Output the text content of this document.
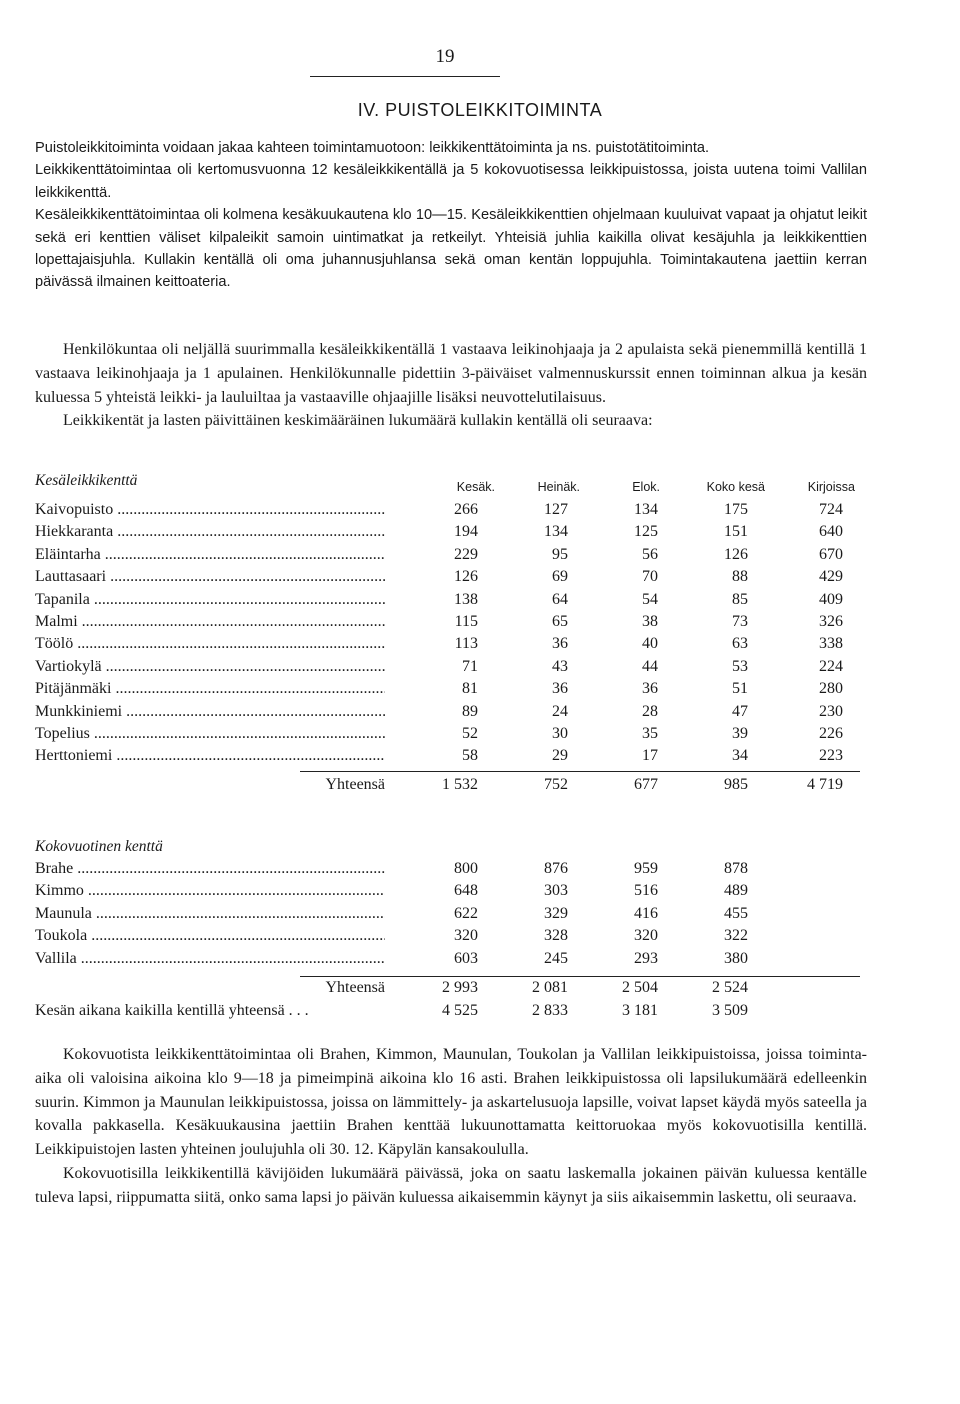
19
IV. PUISTOLEIKKITOIMINTA

Puistoleikkitoiminta voidaan jakaa kahteen toimintamuotoon: leikkikenttätoiminta ja ns. puistotätitoiminta.

Leikkikenttätoimintaa oli kertomusvuonna 12 kesäleikkikentällä ja 5 kokovuotisessa leikkipuistossa, joista uutena toimi Vallilan leikkikenttä.

Kesäleikkikenttätoimintaa oli kolmena kesäkuukautena klo 10—15. Kesäleikkikenttien ohjelmaan kuuluivat vapaat ja ohjatut leikit sekä eri kenttien väliset kilpaleikit samoin uintimatkat ja retkeilyt. Yhteisiä juhlia kaikilla olivat kesäjuhla ja leikkikenttien lopettajaisjuhla. Kullakin kentällä oli oma juhannusjuhlansa sekä oman kentän loppujuhla. Toimintakautena jaettiin kerran päivässä ilmainen keittoateria.

Henkilökuntaa oli neljällä suurimmalla kesäleikkikentällä 1 vastaava leikinohjaaja ja 2 apulaista sekä pienemmillä kentillä 1 vastaava leikinohjaaja ja 1 apulainen. Henkilökunnalle pidettiin 3-päiväiset valmennuskurssit ennen toiminnan alkua ja kesän kuluessa 5 yhteistä leikki- ja lauluiltaa ja vastaaville ohjaajille lisäksi neuvottelutilaisuus.

Leikkikentät ja lasten päivittäinen keskimääräinen lukumäärä kullakin kentällä oli seuraava:

Kesäleikkikenttä	Kesäk.	Heinäk.	Elok.	Koko kesä	Kirjoissa
Kaivopuisto .....	266	127	134	175	724
Hiekkaranta .....	194	134	125	151	640
Eläintarha .....	229	95	56	126	670
Lauttasaari .....	126	69	70	88	429
Tapanila .....	138	64	54	85	409
Malmi .....	115	65	38	73	326
Töölö .....	113	36	40	63	338
Vartiokylä .....	71	43	44	53	224
Pitäjänmäki .....	81	36	36	51	280
Munkkiniemi .....	89	24	28	47	230
Topelius .....	52	30	35	39	226
Herttoniemi .....	58	29	17	34	223
Yhteensä	1 532	752	677	985	4 719
Kokovuotinen kenttä
Brahe .....	800	876	959	878
Kimmo .....	648	303	516	489
Maunula .....	622	329	416	455
Toukola .....	320	328	320	322
Vallila .....	603	245	293	380
Yhteensä	2 993	2 081	2 504	2 524
Kesän aikana kaikilla kentillä yhteensä . . .	4 525	2 833	3 181	3 509

Kokovuotista leikkikenttätoimintaa oli Brahen, Kimmon, Maunulan, Toukolan ja Vallilan leikkipuistoissa, joissa toiminta-aika oli valoisina aikoina klo 9—18 ja pimeimpinä aikoina klo 16 asti. Brahen leikkipuistossa oli lapsilukumäärä edelleenkin suurin. Kimmon ja Maunulan leikkipuistossa, joissa on lämmittely- ja askartelusuoja lapsille, voivat lapset käydä myös sateella ja kovalla pakkasella. Kesäkuukausina jaettiin Brahen kenttää lukuunottamatta keittoruokaa myös kokovuotisilla kentillä. Leikkipuistojen lasten yhteinen joulujuhla oli 30. 12. Käpylän kansakoululla.

Kokovuotisilla leikkikentillä kävijöiden lukumäärä päivässä, joka on saatu laskemalla jokainen päivän kuluessa kentälle tuleva lapsi, riippumatta siitä, onko sama lapsi jo päivän kuluessa aikaisemmin käynyt ja siis aikaisemmin laskettu, oli seuraava.
